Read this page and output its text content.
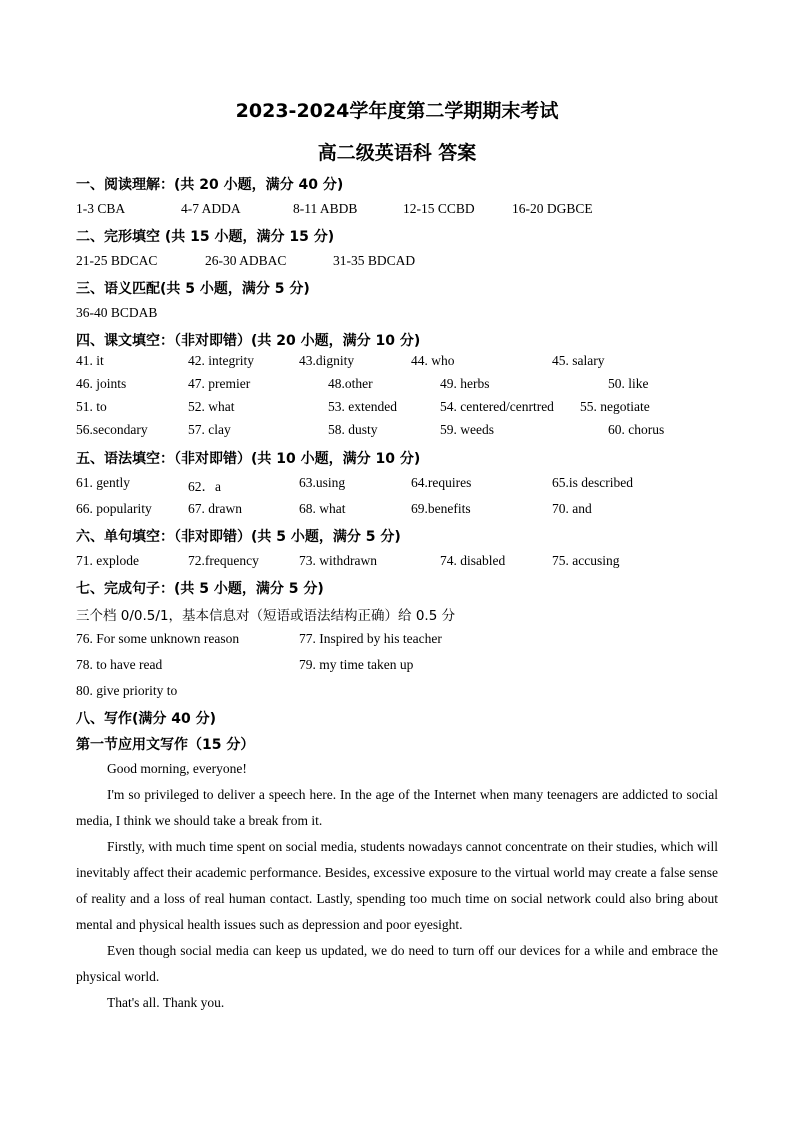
2023-2024学年度第二学期期末考试
高二级英语科 答案
一、阅读理解：(共 20 小题，满分 40 分)
1-3 CBA	4-7 ADDA	8-11 ABDB	12-15 CCBD	16-20 DGBCE
二、完形填空 (共 15 小题，满分 15 分)
21-25 BDCAC	26-30 ADBAC	31-35 BDCAD
三、语义匹配(共 5 小题，满分 5 分)
36-40 BCDAB
四、课文填空：（非对即错）(共 20 小题，满分 10 分)
41. it	42. integrity	43.dignity	44. who	45. salary
46. joints	47. premier	48.other	49. herbs	50. like
51. to	52. what	53. extended	54. centered/cenrtred 55. negotiate
56.secondary	57. clay	58. dusty	59. weeds	60. chorus
五、语法填空：（非对即错）(共 10 小题，满分 10 分)
61. gently	62．a	63.using	64.requires	65.is described
66. popularity	67. drawn	68. what	69.benefits	70. and
六、单句填空：（非对即错）(共 5 小题，满分 5 分)
71. explode	72.frequency	73. withdrawn	74. disabled	75. accusing
七、完成句子：(共 5 小题，满分 5 分)
三个档 0/0.5/1，基本信息对（短语或语法结构正确）给 0.5 分
76. For some unknown reason	77. Inspired by his teacher
78. to have read	79. my time taken up
80. give priority to
八、写作(满分 40 分)
第一节应用文写作（15 分）
Good morning, everyone!
I'm so privileged to deliver a speech here. In the age of the Internet when many teenagers are addicted to social media, I think we should take a break from it.
Firstly, with much time spent on social media, students nowadays cannot concentrate on their studies, which will inevitably affect their academic performance. Besides, excessive exposure to the virtual world may create a false sense of reality and a loss of real human contact. Lastly, spending too much time on social network could also bring about mental and physical health issues such as depression and poor eyesight.
Even though social media can keep us updated, we do need to turn off our devices for a while and embrace the physical world.
That's all. Thank you.
